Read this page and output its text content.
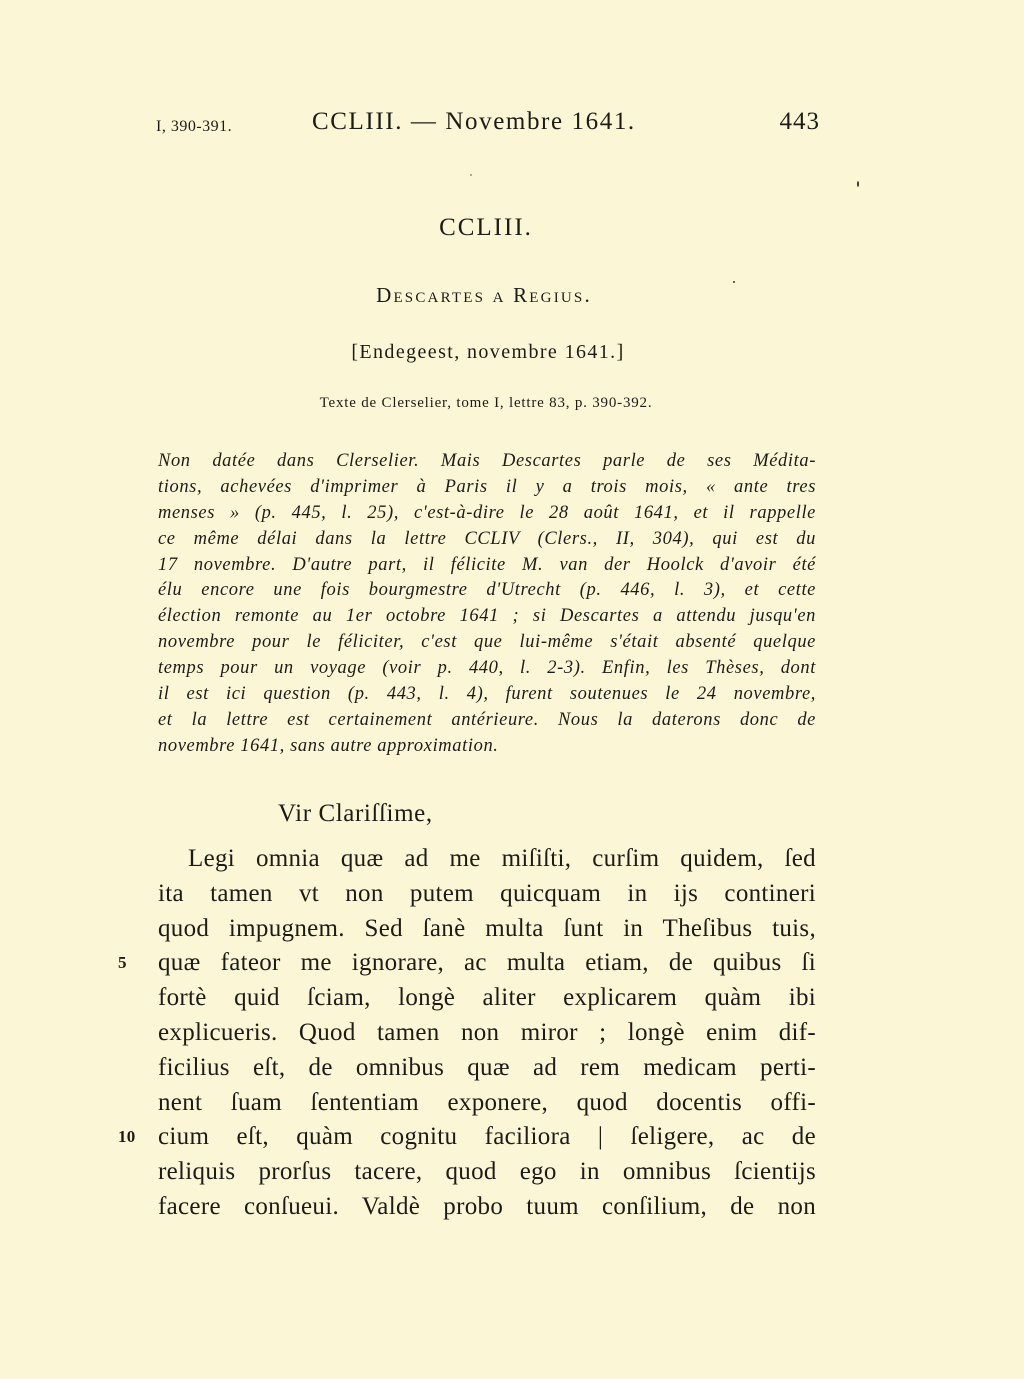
I, 390-391.	CCLIII. — Novembre 1641.	443
CCLIII.
Descartes a Regius.
[Endegeest, novembre 1641.]
Texte de Clerselier, tome I, lettre 83, p. 390-392.
Non datée dans Clerselier. Mais Descartes parle de ses Médita-
tions, achevées d'imprimer à Paris il y a trois mois, « ante tres
menses » (p. 445, l. 25), c'est-à-dire le 28 août 1641, et il rappelle
ce même délai dans la lettre CCLIV (Clers., II, 304), qui est du
17 novembre. D'autre part, il félicite M. van der Hoolck d'avoir été
élu encore une fois bourgmestre d'Utrecht (p. 446, l. 3), et cette
élection remonte au 1er octobre 1641 ; si Descartes a attendu jusqu'en
novembre pour le féliciter, c'est que lui-même s'était absenté quelque
temps pour un voyage (voir p. 440, l. 2-3). Enfin, les Thèses, dont
il est ici question (p. 443, l. 4), furent soutenues le 24 novembre,
et la lettre est certainement antérieure. Nous la daterons donc de
novembre 1641, sans autre approximation.
Vir Clariſſime,
Legi omnia quæ ad me miſiſti, curſim quidem, ſed
ita tamen vt non putem quicquam in ijs contineri
quod impugnem. Sed ſanè multa ſunt in Theſibus tuis,
5	quæ fateor me ignorare, ac multa etiam, de quibus ſi
fortè quid ſciam, longè aliter explicarem quàm ibi
explicueris. Quod tamen non miror ; longè enim dif-
ficilius eſt, de omnibus quæ ad rem medicam perti-
nent ſuam ſententiam exponere, quod docentis offi-
10 cium eſt, quàm cognitu faciliora | ſeligere, ac de
reliquis prorſus tacere, quod ego in omnibus ſcientijs
facere conſueui. Valdè probo tuum conſilium, de non
